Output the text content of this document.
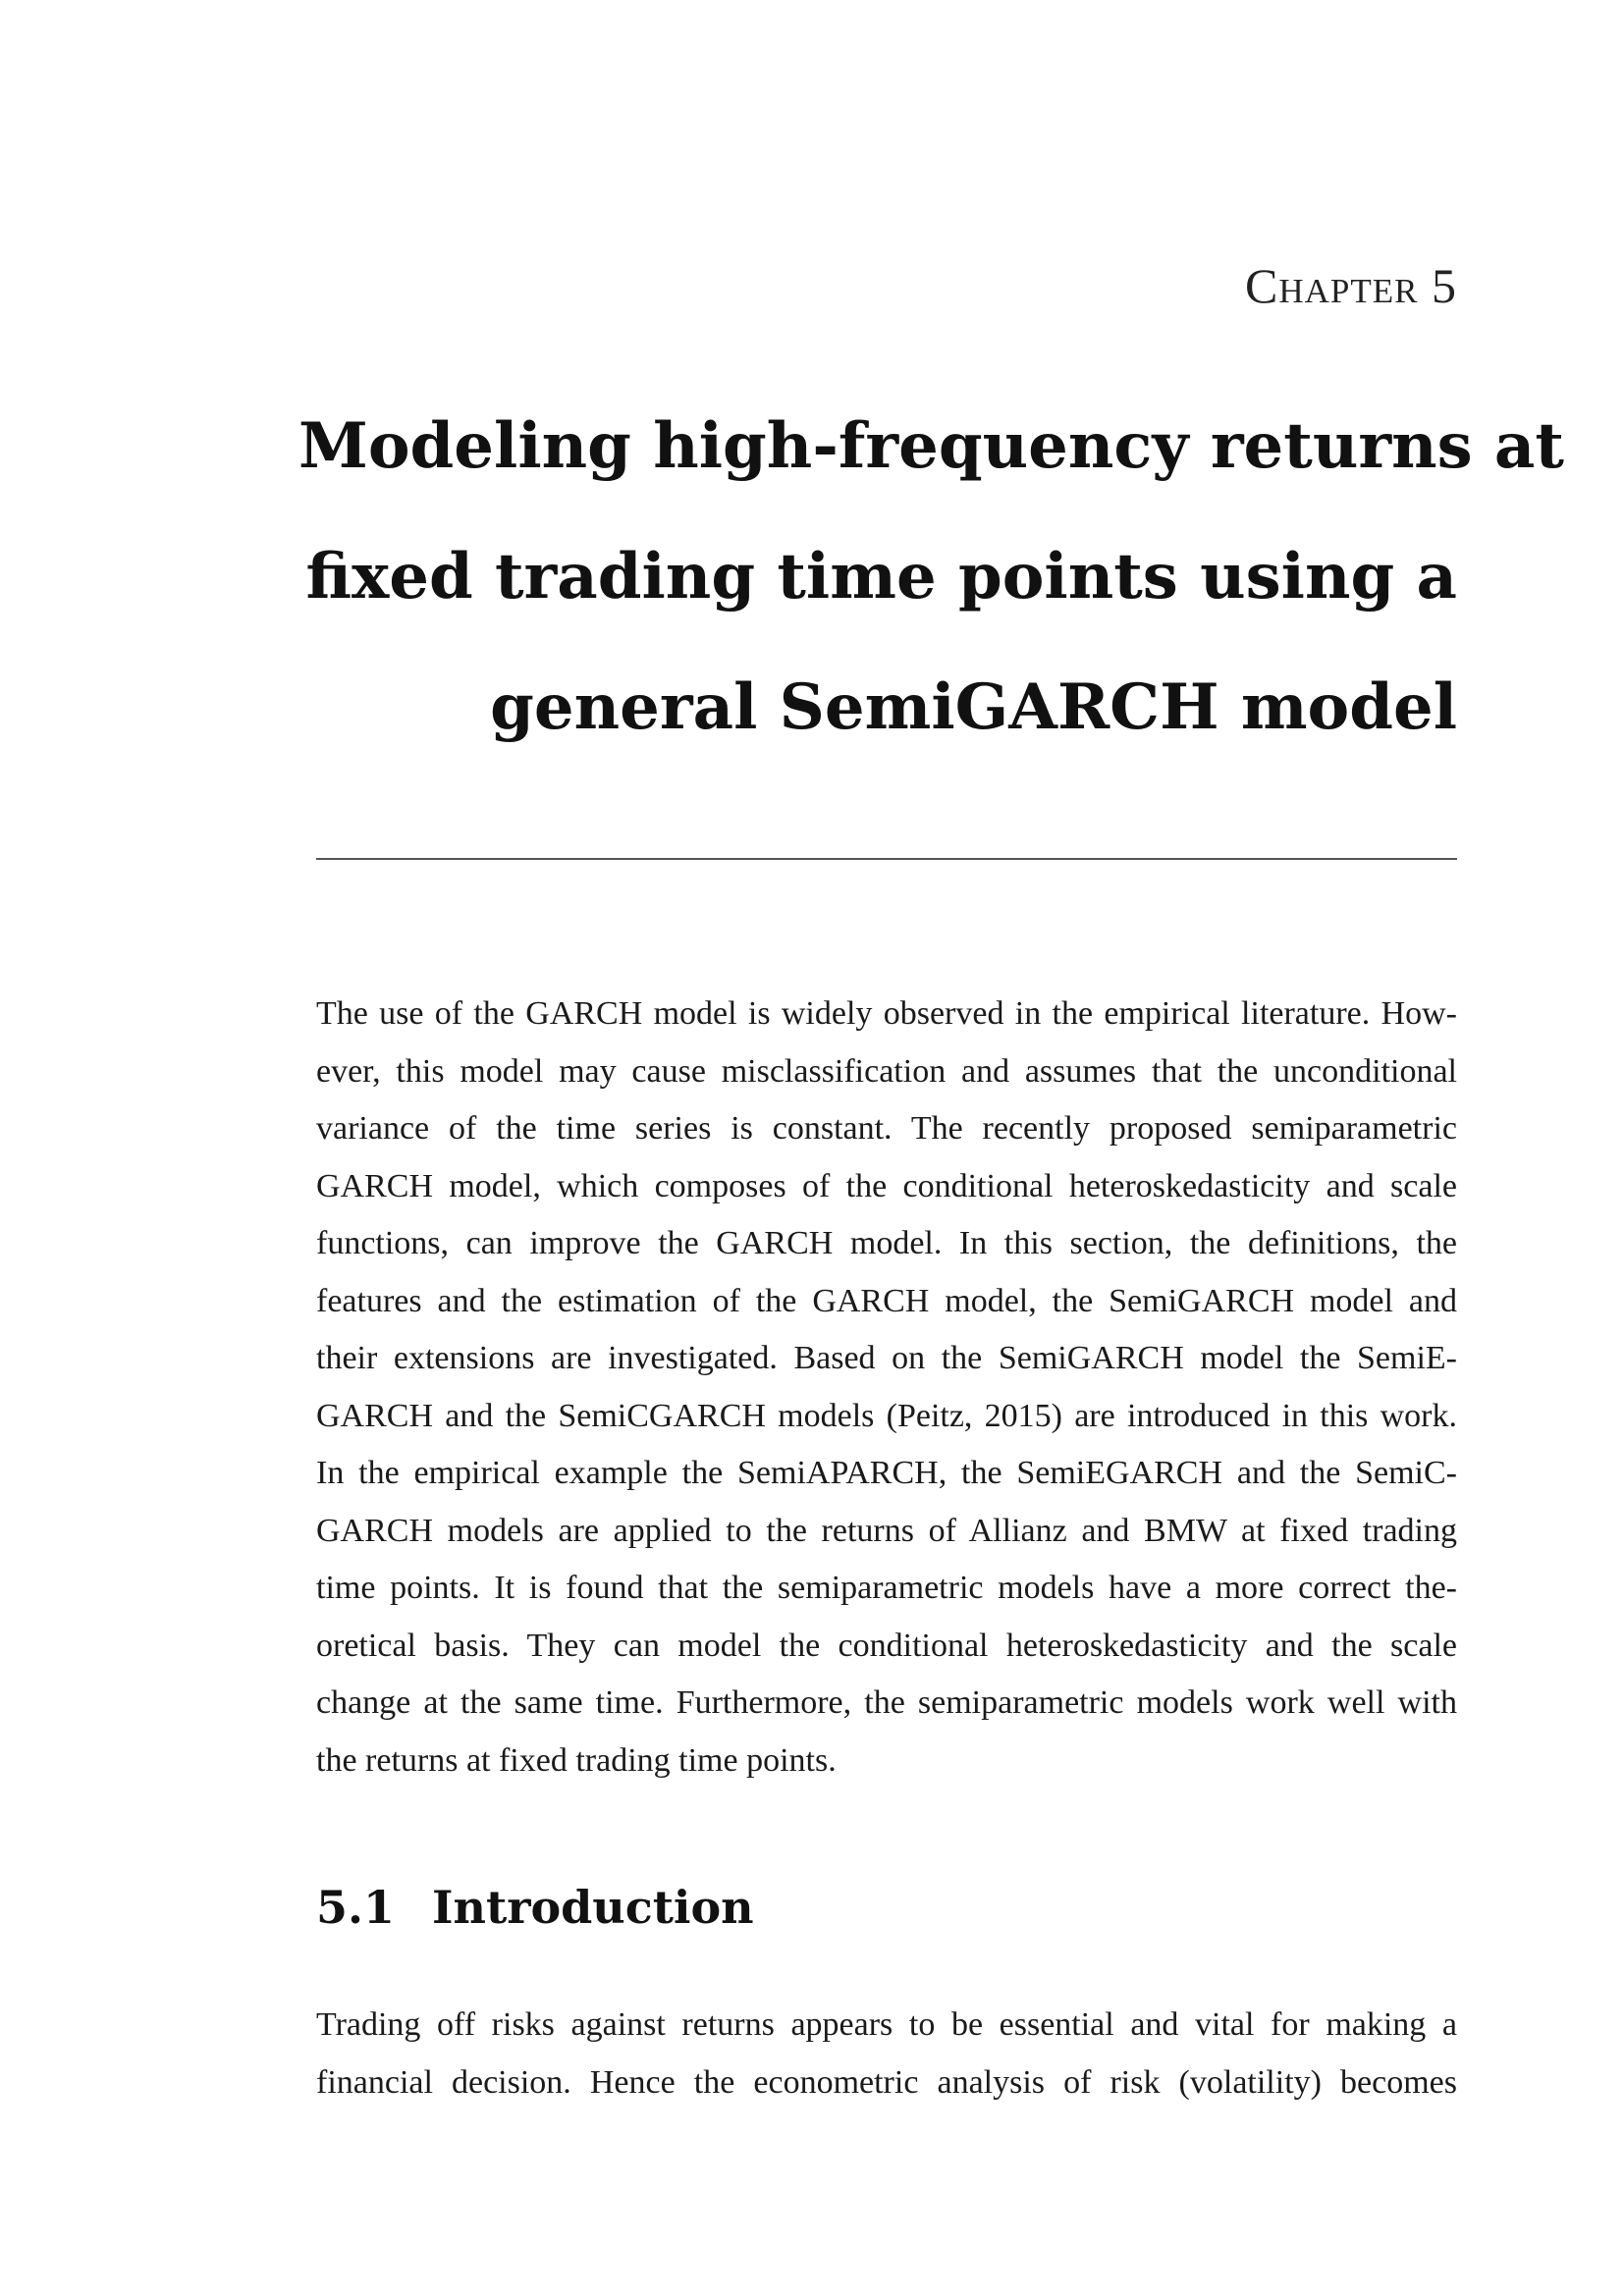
Chapter 5
Modeling high-frequency returns at
fixed trading time points using a
general SemiGARCH model
The use of the GARCH model is widely observed in the empirical literature. How-
ever, this model may cause misclassification and assumes that the unconditional
variance of the time series is constant. The recently proposed semiparametric
GARCH model, which composes of the conditional heteroskedasticity and scale
functions, can improve the GARCH model. In this section, the definitions, the
features and the estimation of the GARCH model, the SemiGARCH model and
their extensions are investigated. Based on the SemiGARCH model the SemiE-
GARCH and the SemiCGARCH models (Peitz, 2015) are introduced in this work.
In the empirical example the SemiAPARCH, the SemiEGARCH and the SemiC-
GARCH models are applied to the returns of Allianz and BMW at fixed trading
time points. It is found that the semiparametric models have a more correct the-
oretical basis. They can model the conditional heteroskedasticity and the scale
change at the same time. Furthermore, the semiparametric models work well with
the returns at fixed trading time points.
5.1 Introduction
Trading off risks against returns appears to be essential and vital for making a
financial decision. Hence the econometric analysis of risk (volatility) becomes
